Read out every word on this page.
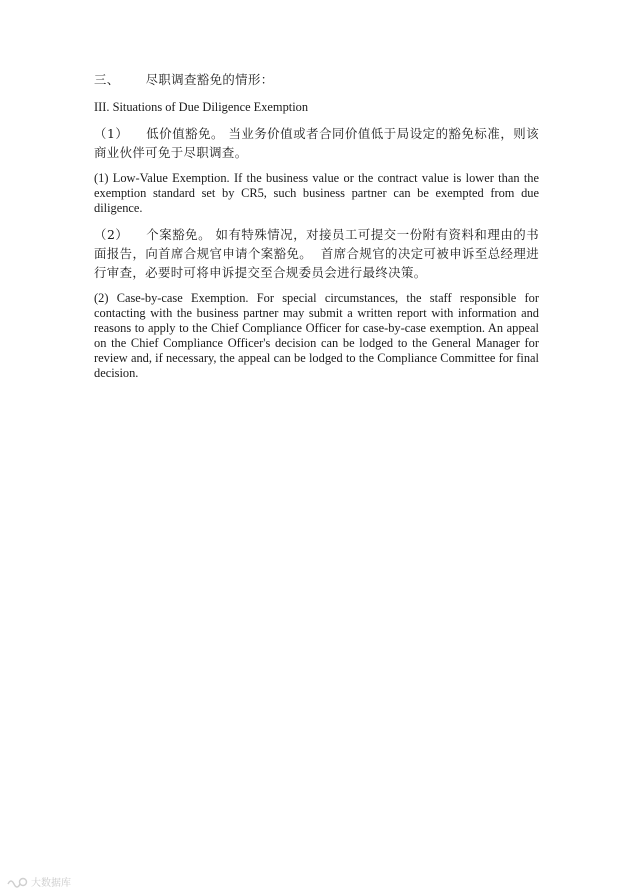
三、      尽职调查豁免的情形：

III. Situations of Due Diligence Exemption

（1）    低价值豁免。 当业务价值或者合同价值低于局设定的豁免标准，则该商业伙伴可免于尽职调查。

(1) Low-Value Exemption. If the business value or the contract value is lower than the exemption standard set by CR5, such business partner can be exempted from due diligence.

（2）    个案豁免。 如有特殊情况，对接员工可提交一份附有资料和理由的书面报告，向首席合规官申请个案豁免。  首席合规官的决定可被申诉至总经理进行审查，必要时可将申诉提交至合规委员会进行最终决策。

(2) Case-by-case Exemption. For special circumstances, the staff responsible for contacting with the business partner may submit a written report with information and reasons to apply to the Chief Compliance Officer for case-by-case exemption. An appeal on the Chief Compliance Officer's decision can be lodged to the General Manager for review and, if necessary, the appeal can be lodged to the Compliance Committee for final decision.

大数据库
